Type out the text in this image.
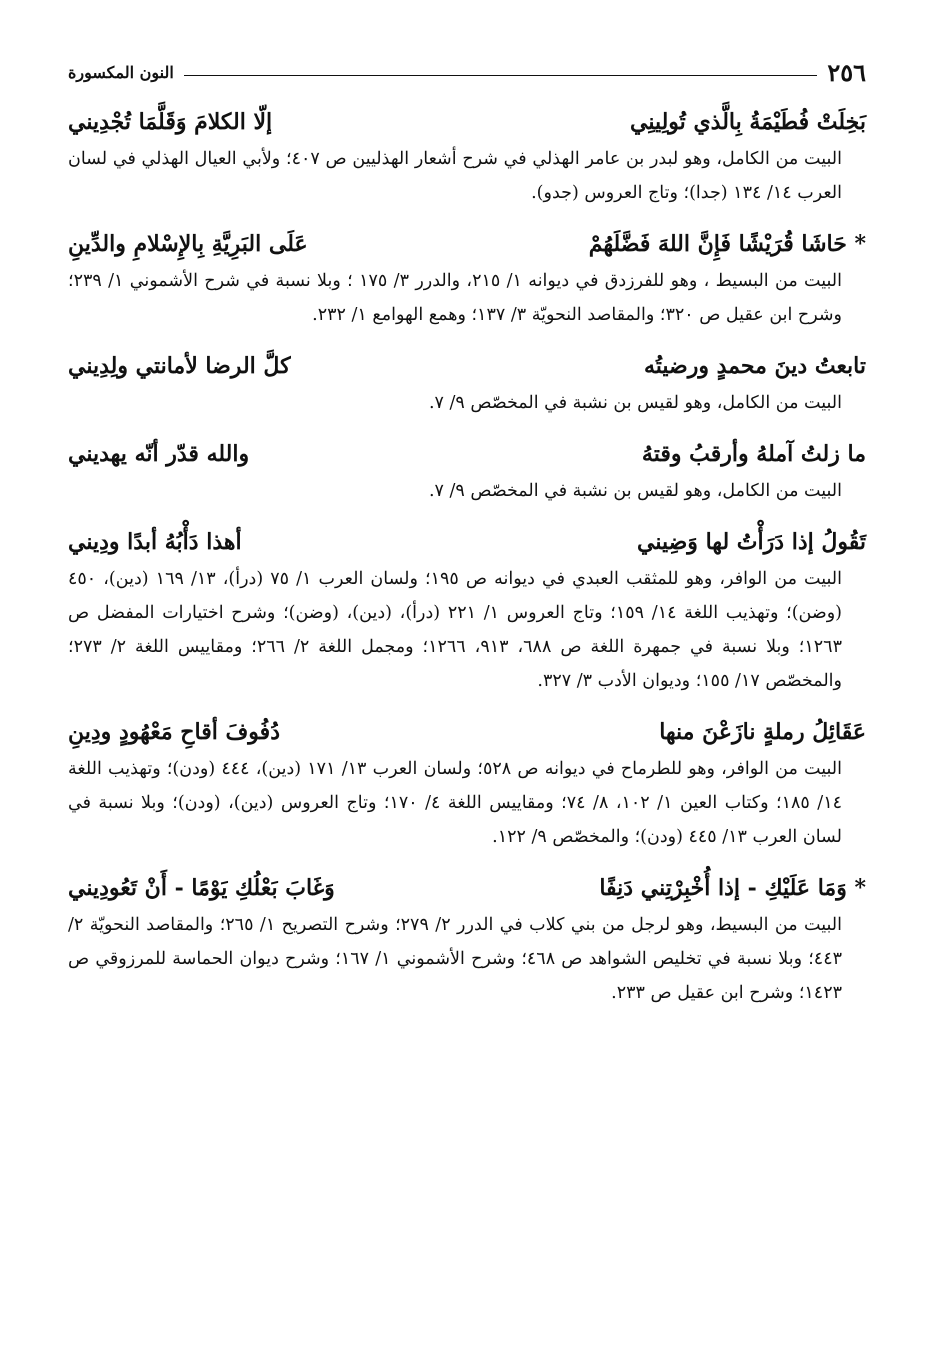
٢٥٦
النون المكسورة
بَخِلَتْ فُطَيْمَةُ بِالَّذي تُولِينِي
إلّا الكلامَ وَقَلَّمَا تُجْدِيني

البيت من الكامل، وهو لبدر بن عامر الهذلي في شرح أشعار الهذليين ص ٤٠٧؛ ولأبي العيال الهذلي في لسان العرب ١٤/ ١٣٤ (جدا)؛ وتاج العروس (جدو).

* حَاشَا قُرَيْشًا فَإِنَّ اللهَ فَضَّلَهُمْ
عَلَى البَرِيَّةِ بِالإِسْلامِ والدِّينِ

البيت من البسيط ، وهو للفرزدق في ديوانه ١/ ٢١٥، والدرر ٣/ ١٧٥ ؛ وبلا نسبة في شرح الأشموني ١/ ٢٣٩؛ وشرح ابن عقيل ص ٣٢٠؛ والمقاصد النحويّة ٣/ ١٣٧؛ وهمع الهوامع ١/ ٢٣٢.

تابعتُ دينَ محمدٍ ورضيتُه
كلَّ الرضا لأمانتي ولِدِيني

البيت من الكامل، وهو لقيس بن نشبة في المخصّص ٩/ ٧.

ما زلتُ آملهُ وأرقبُ وقتهُ
والله قدّر أنّه يهديني

البيت من الكامل، وهو لقيس بن نشبة في المخصّص ٩/ ٧.

تَقُولُ إذا دَرَأْتُ لها وَضِيني
أهذا دَأْبُهُ أبدًا ودِيني

البيت من الوافر، وهو للمثقب العبدي في ديوانه ص ١٩٥؛ ولسان العرب ١/ ٧٥ (درأ)، ١٣/ ١٦٩ (دين)، ٤٥٠ (وضن)؛ وتهذيب اللغة ١٤/ ١٥٩؛ وتاج العروس ١/ ٢٢١ (درأ)، (دين)، (وضن)؛ وشرح اختيارات المفضل ص ١٢٦٣؛ وبلا نسبة في جمهرة اللغة ص ٦٨٨، ٩١٣، ١٢٦٦؛ ومجمل اللغة ٢/ ٢٦٦؛ ومقاييس اللغة ٢/ ٢٧٣؛ والمخصّص ١٧/ ١٥٥؛ وديوان الأدب ٣/ ٣٢٧.

عَقَائِلُ رملةٍ نازَعْنَ منها
دُفُوفَ أقاحِ مَعْهُودٍ ودِينِ

البيت من الوافر، وهو للطرماح في ديوانه ص ٥٢٨؛ ولسان العرب ١٣/ ١٧١ (دين)، ٤٤٤ (ودن)؛ وتهذيب اللغة ١٤/ ١٨٥؛ وكتاب العين ١/ ١٠٢، ٨/ ٧٤؛ ومقاييس اللغة ٤/ ١٧٠؛ وتاج العروس (دين)، (ودن)؛ وبلا نسبة في لسان العرب ١٣/ ٤٤٥ (ودن)؛ والمخصّص ٩/ ١٢٢.

* وَمَا عَلَيْكِ - إذا أُخْبِرْتِني دَنِفًا
وَغَابَ بَعْلُكِ يَوْمًا - أَنْ تَعُودِيني

البيت من البسيط، وهو لرجل من بني كلاب في الدرر ٢/ ٢٧٩؛ وشرح التصريح ١/ ٢٦٥؛ والمقاصد النحويّة ٢/ ٤٤٣؛ وبلا نسبة في تخليص الشواهد ص ٤٦٨؛ وشرح الأشموني ١/ ١٦٧؛ وشرح ديوان الحماسة للمرزوقي ص ١٤٢٣؛ وشرح ابن عقيل ص ٢٣٣.
